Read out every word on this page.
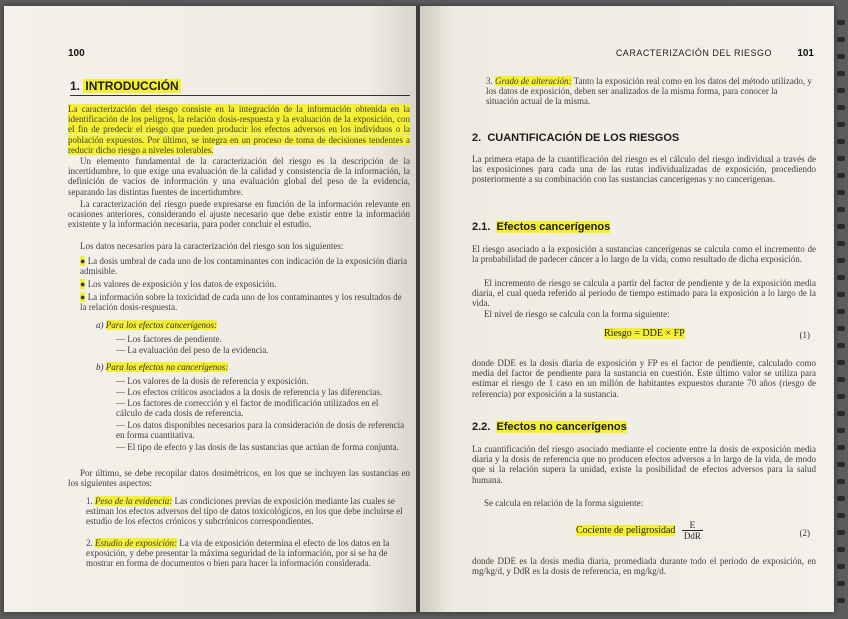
100
1. INTRODUCCIÓN

La caracterización del riesgo consiste en la integración de la información obtenida en la identificación de los peligros, la relación dosis-respuesta y la evaluación de la exposición, con el fin de predecir el riesgo que pueden producir los efectos adversos en los individuos o la población expuestos. Por último, se integra en un proceso de toma de decisiones tendentes a reducir dicho riesgo a niveles tolerables.

Un elemento fundamental de la caracterización del riesgo es la descripción de la incertidumbre, lo que exige una evaluación de la calidad y consistencia de la información, la definición de vacíos de información y una evaluación global del peso de la evidencia, separando las distintas fuentes de incertidumbre.

La caracterización del riesgo puede expresarse en función de la información relevante en ocasiones anteriores, considerando el ajuste necesario que debe existir entre la información existente y la información necesaria, para poder concluir el estudio.

Los datos necesarios para la caracterización del riesgo son los siguientes:

● La dosis umbral de cada uno de los contaminantes con indicación de la exposición diaria admisible.
● Los valores de exposición y los datos de exposición.
● La información sobre la toxicidad de cada uno de los contaminantes y los resultados de la relación dosis-respuesta.
a) Para los efectos cancerígenos:
— Los factores de pendiente.
— La evaluación del peso de la evidencia.
b) Para los efectos no cancerígenos:
— Los valores de la dosis de referencia y exposición.
— Los efectos críticos asociados a la dosis de referencia y las diferencias.
— Los factores de corrección y el factor de modificación utilizados en el cálculo de cada dosis de referencia.
— Los datos disponibles necesarios para la consideración de dosis de referencia en forma cuantitativa.
— El tipo de efecto y las dosis de las sustancias que actúan de forma conjunta.

Por último, se debe recopilar datos dosimétricos, en los que se incluyen las sustancias en los siguientes aspectos:

1. Peso de la evidencia: Las condiciones previas de exposición mediante las cuales se estiman los efectos adversos del tipo de datos toxicológicos, en los que debe incluirse el estudio de los efectos crónicos y subcrónicos correspondientes.
2. Estudio de exposición: La vía de exposición determina el efecto de los datos en la exposición, y debe presentar la máxima seguridad de la información, por si se ha de mostrar en forma de documentos o bien para hacer la información considerada.
CARACTERIZACIÓN DEL RIESGO	101
3. Grado de alteración: Tanto la exposición real como en los datos del método utilizado, y los datos de exposición, deben ser analizados de la misma forma, para conocer la situación actual de la misma.
2. CUANTIFICACIÓN DE LOS RIESGOS

La primera etapa de la cuantificación del riesgo es el cálculo del riesgo individual a través de las exposiciones para cada una de las rutas individualizadas de exposición, procediendo posteriormente a su combinación con las sustancias cancerígenas y no cancerígenas.

2.1. Efectos cancerígenos

El riesgo asociado a la exposición a sustancias cancerígenas se calcula como el incremento de la probabilidad de padecer cáncer a lo largo de la vida, como resultado de dicha exposición.

El incremento de riesgo se calcula a partir del factor de pendiente y de la exposición media diaria, el cual queda referido al período de tiempo estimado para la exposición a lo largo de la vida.

El nivel de riesgo se calcula con la forma siguiente:

Riesgo = DDE × FP	(1)

donde DDE es la dosis diaria de exposición y FP es el factor de pendiente, calculado como media del factor de pendiente para la sustancia en cuestión. Este último valor se utiliza para estimar el riesgo de 1 caso en un millón de habitantes expuestos durante 70 años (riesgo de referencia) por exposición a la sustancia.

2.2. Efectos no cancerígenos

La cuantificación del riesgo asociado mediante el cociente entre la dosis de exposición media diaria y la dosis de referencia que no producen efectos adversos a lo largo de la vida, de modo que si la relación supera la unidad, existe la posibilidad de efectos adversos para la salud humana.

Se calcula en relación de la forma siguiente:

Cociente de peligrosidad	E
DdR	(2)

donde DDE es la dosis media diaria, promediada durante todo el período de exposición, en mg/kg/d, y DdR es la dosis de referencia, en mg/kg/d.
